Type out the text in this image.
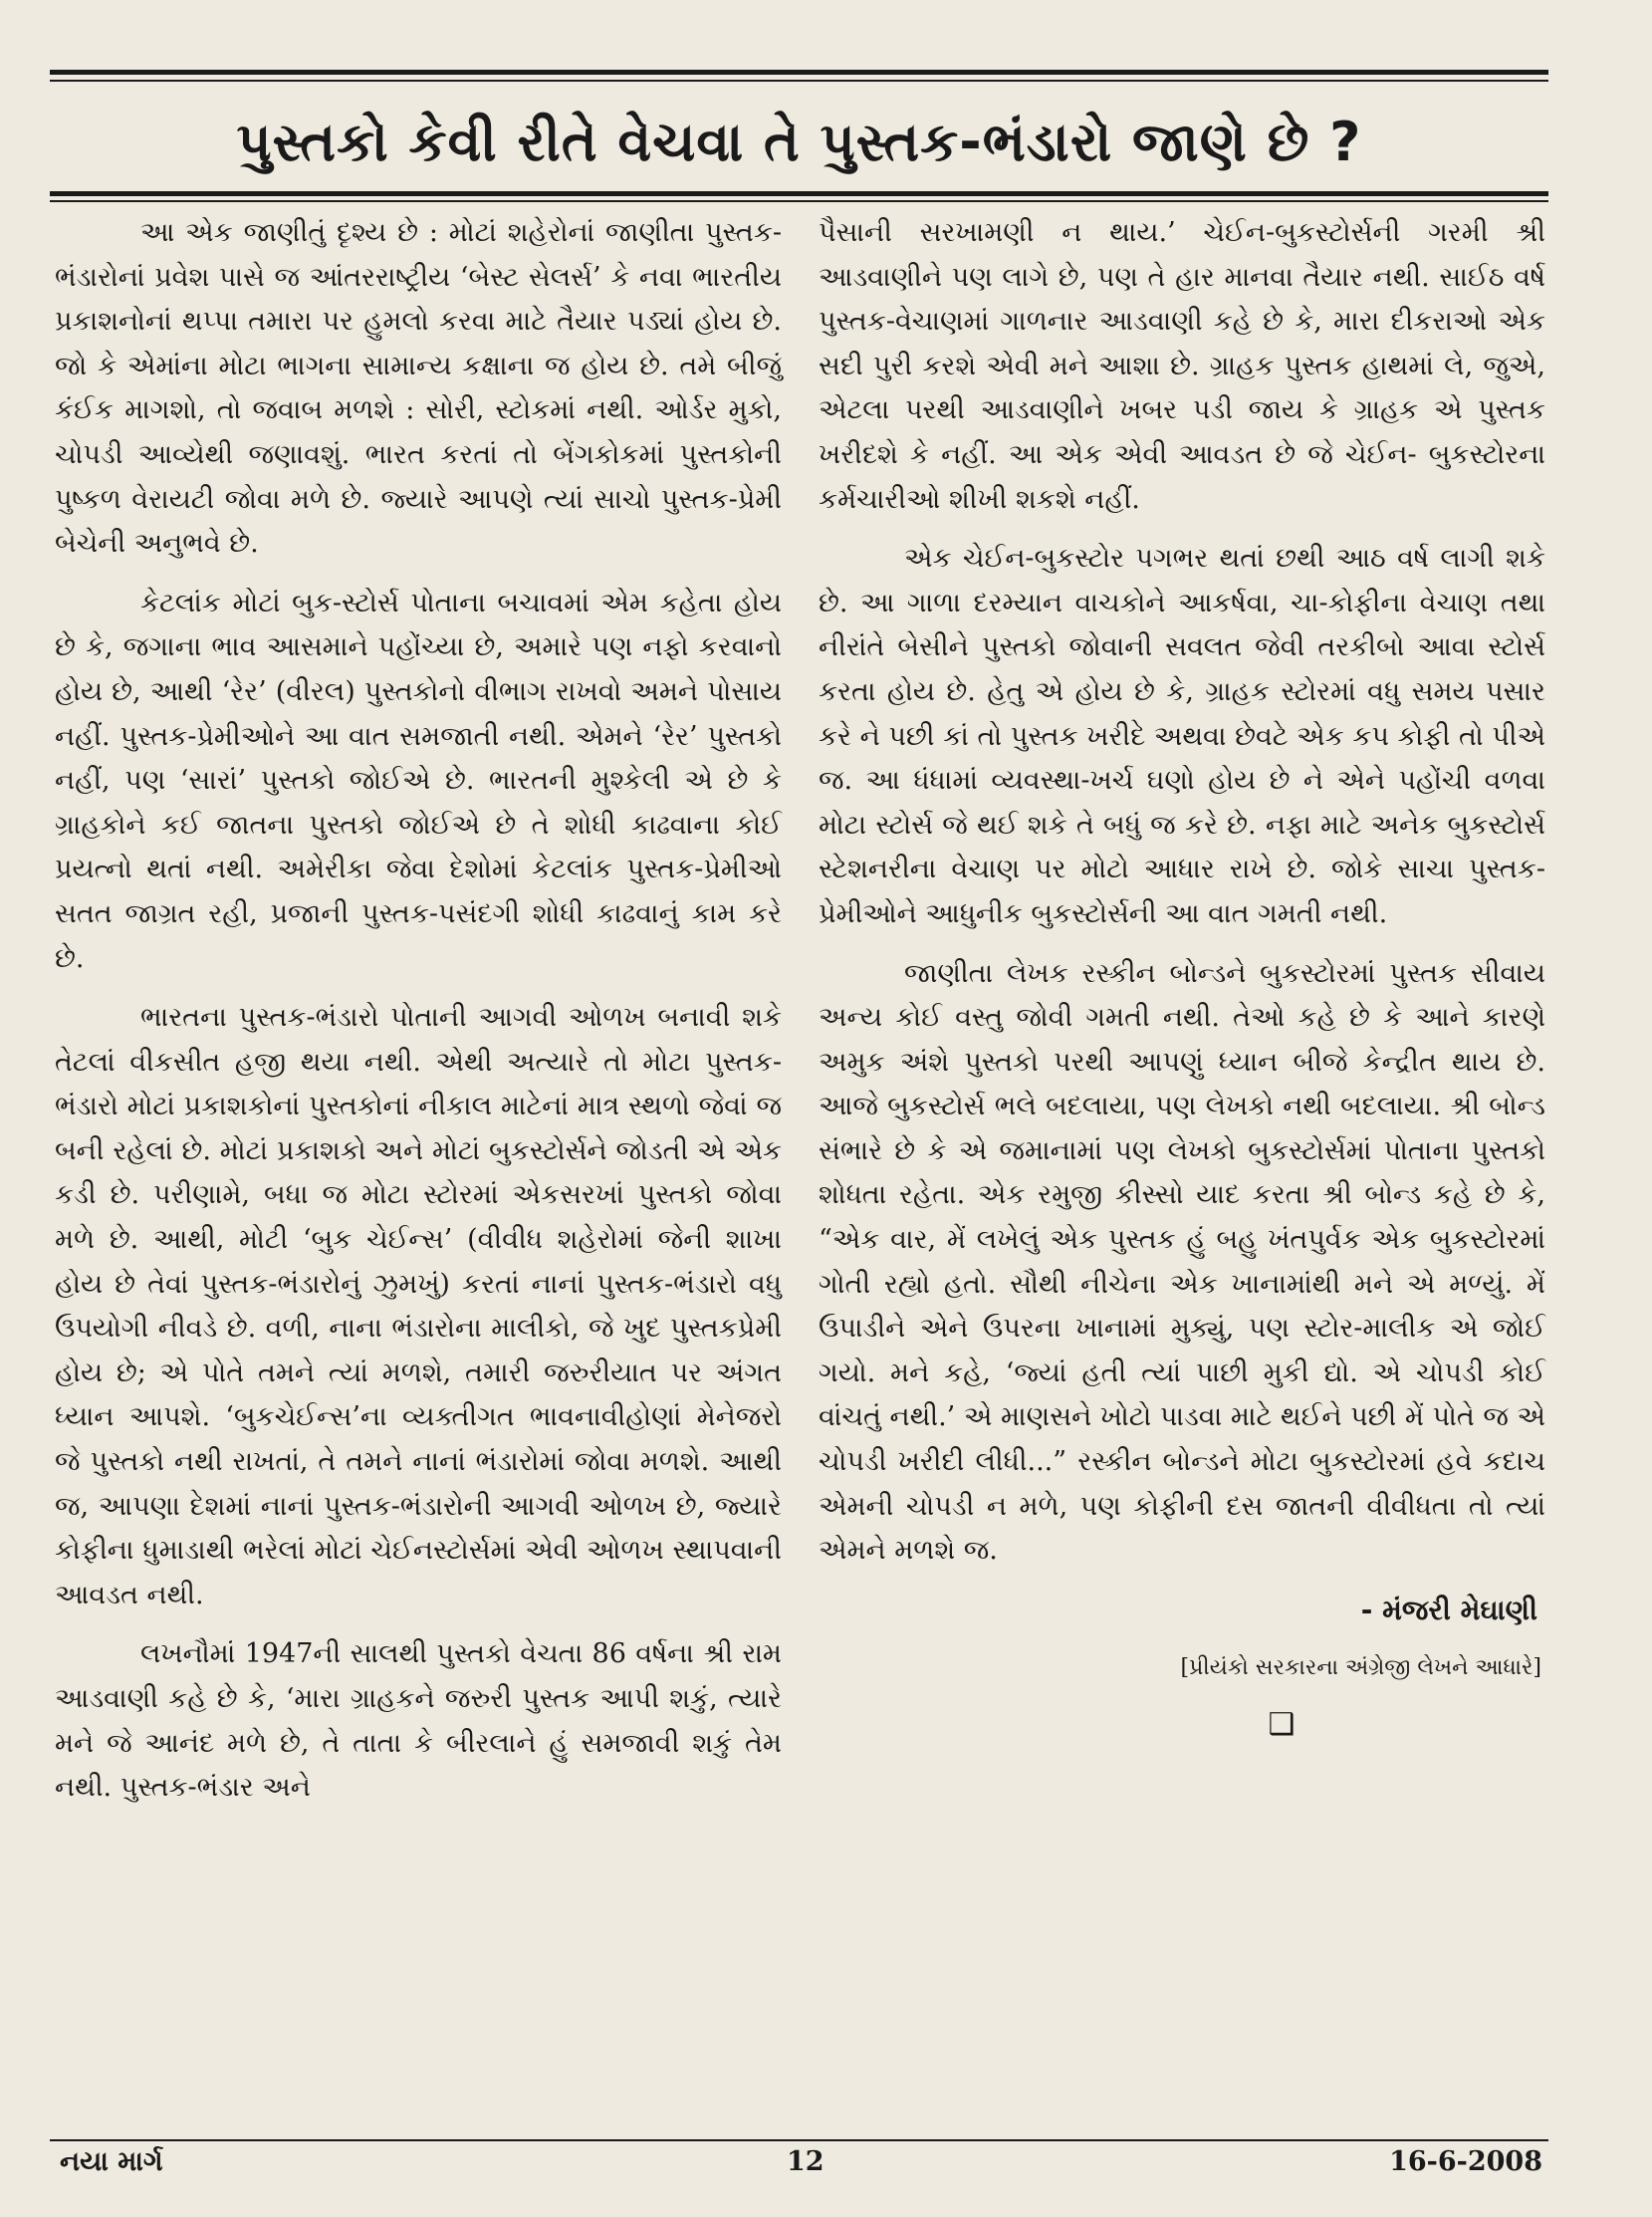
પુસ્તકો કેવી રીતે વેચવા તે પુસ્તક-ભંડારો જાણે છે ?

આ એક જાણીતું દૃશ્ય છે : મોટાં શહેરોનાં જાણીતા પુસ્તક-ભંડારોનાં પ્રવેશ પાસે જ આંતરરાષ્ટ્રીય ‘બેસ્ટ સેલર્સ’ કે નવા ભારતીય પ્રકાશનોનાં થપ્પા તમારા પર હુમલો કરવા માટે તૈયાર પડ્યાં હોય છે. જો કે એમાંના મોટા ભાગના સામાન્ય કક્ષાના જ હોય છે. તમે બીજું કંઈક માગશો, તો જવાબ મળશે : સોરી, સ્ટોકમાં નથી. ઓર્ડર મુકો, ચોપડી આવ્યેથી જણાવશું. ભારત કરતાં તો બેંગકોકમાં પુસ્તકોની પુષ્કળ વેરાયટી જોવા મળે છે. જ્યારે આપણે ત્યાં સાચો પુસ્તક-પ્રેમી બેચેની અનુભવે છે.

કેટલાંક મોટાં બુક-સ્ટોર્સ પોતાના બચાવમાં એમ કહેતા હોય છે કે, જગાના ભાવ આસમાને પહોંચ્યા છે, અમારે પણ નફો કરવાનો હોય છે, આથી ‘રેર’ (વીરલ) પુસ્તકોનો વીભાગ રાખવો અમને પોસાય નહીં. પુસ્તક-પ્રેમીઓને આ વાત સમજાતી નથી. એમને ‘રેર’ પુસ્તકો નહીં, પણ ‘સારાં’ પુસ્તકો જોઈએ છે. ભારતની મુશ્કેલી એ છે કે ગ્રાહકોને કઈ જાતના પુસ્તકો જોઈએ છે તે શોધી કાઢવાના કોઈ પ્રયત્નો થતાં નથી. અમેરીકા જેવા દેશોમાં કેટલાંક પુસ્તક-પ્રેમીઓ સતત જાગ્રત રહી, પ્રજાની પુસ્તક-પસંદગી શોધી કાઢવાનું કામ કરે છે.

ભારતના પુસ્તક-ભંડારો પોતાની આગવી ઓળખ બનાવી શકે તેટલાં વીકસીત હજી થયા નથી. એથી અત્યારે તો મોટા પુસ્તક-ભંડારો મોટાં પ્રકાશકોનાં પુસ્તકોનાં નીકાલ માટેનાં માત્ર સ્થળો જેવાં જ બની રહેલાં છે. મોટાં પ્રકાશકો અને મોટાં બુકસ્ટોર્સને જોડતી એ એક કડી છે. પરીણામે, બધા જ મોટા સ્ટોરમાં એકસરખાં પુસ્તકો જોવા મળે છે. આથી, મોટી ‘બુક ચેઈન્સ’ (વીવીધ શહેરોમાં જેની શાખા હોય છે તેવાં પુસ્તક-ભંડારોનું ઝુમખું) કરતાં નાનાં પુસ્તક-ભંડારો વધુ ઉપયોગી નીવડે છે. વળી, નાના ભંડારોના માલીકો, જે ખુદ પુસ્તકપ્રેમી હોય છે; એ પોતે તમને ત્યાં મળશે, તમારી જરુરીયાત પર અંગત ધ્યાન આપશે. ‘બુકચેઈન્સ’ના વ્યક્તીગત ભાવનાવીહોણાં મેનેજરો જે પુસ્તકો નથી રાખતાં, તે તમને નાનાં ભંડારોમાં જોવા મળશે. આથી જ, આપણા દેશમાં નાનાં પુસ્તક-ભંડારોની આગવી ઓળખ છે, જ્યારે કોફીના ધુમાડાથી ભરેલાં મોટાં ચેઈનસ્ટોર્સમાં એવી ઓળખ સ્થાપવાની આવડત નથી.

લખનૌમાં 1947ની સાલથી પુસ્તકો વેચતા 86 વર્ષના શ્રી રામ આડવાણી કહે છે કે, ‘મારા ગ્રાહકને જરુરી પુસ્તક આપી શકું, ત્યારે મને જે આનંદ મળે છે, તે તાતા કે બીરલાને હું સમજાવી શકું તેમ નથી. પુસ્તક-ભંડાર અને

પૈસાની સરખામણી ન થાય.’ ચેઈન-બુકસ્ટોર્સની ગરમી શ્રી આડવાણીને પણ લાગે છે, પણ તે હાર માનવા તૈયાર નથી. સાઈઠ વર્ષ પુસ્તક-વેચાણમાં ગાળનાર આડવાણી કહે છે કે, મારા દીકરાઓ એક સદી પુરી કરશે એવી મને આશા છે. ગ્રાહક પુસ્તક હાથમાં લે, જુએ, એટલા પરથી આડવાણીને ખબર પડી જાય કે ગ્રાહક એ પુસ્તક ખરીદશે કે નહીં. આ એક એવી આવડત છે જે ચેઈન- બુકસ્ટોરના કર્મચારીઓ શીખી શકશે નહીં.

એક ચેઈન-બુકસ્ટોર પગભર થતાં છથી આઠ વર્ષ લાગી શકે છે. આ ગાળા દરમ્યાન વાચકોને આકર્ષવા, ચા-કોફીના વેચાણ તથા નીરાંતે બેસીને પુસ્તકો જોવાની સવલત જેવી તરકીબો આવા સ્ટોર્સ કરતા હોય છે. હેતુ એ હોય છે કે, ગ્રાહક સ્ટોરમાં વધુ સમય પસાર કરે ને પછી કાં તો પુસ્તક ખરીદે અથવા છેવટે એક કપ કોફી તો પીએ જ. આ ધંધામાં વ્યવસ્થા-ખર્ચ ઘણો હોય છે ને એને પહોંચી વળવા મોટા સ્ટોર્સ જે થઈ શકે તે બધું જ કરે છે. નફા માટે અનેક બુકસ્ટોર્સ સ્ટેશનરીના વેચાણ પર મોટો આધાર રાખે છે. જોકે સાચા પુસ્તક-પ્રેમીઓને આધુનીક બુકસ્ટોર્સની આ વાત ગમતી નથી.

જાણીતા લેખક રસ્કીન બોન્ડને બુકસ્ટોરમાં પુસ્તક સીવાય અન્ય કોઈ વસ્તુ જોવી ગમતી નથી. તેઓ કહે છે કે આને કારણે અમુક અંશે પુસ્તકો પરથી આપણું ધ્યાન બીજે કેન્દ્રીત થાય છે. આજે બુકસ્ટોર્સ ભલે બદલાયા, પણ લેખકો નથી બદલાયા. શ્રી બોન્ડ સંભારે છે કે એ જમાનામાં પણ લેખકો બુકસ્ટોર્સમાં પોતાના પુસ્તકો શોધતા રહેતા. એક રમુજી કીસ્સો યાદ કરતા શ્રી બોન્ડ કહે છે કે, “એક વાર, મેં લખેલું એક પુસ્તક હું બહુ ખંતપુર્વક એક બુકસ્ટોરમાં ગોતી રહ્યો હતો. સૌથી નીચેના એક ખાનામાંથી મને એ મળ્યું. મેં ઉપાડીને એને ઉપરના ખાનામાં મુક્યું, પણ સ્ટોર-માલીક એ જોઈ ગયો. મને કહે, ‘જ્યાં હતી ત્યાં પાછી મુકી દ્યો. એ ચોપડી કોઈ વાંચતું નથી.’ એ માણસને ખોટો પાડવા માટે થઈને પછી મેં પોતે જ એ ચોપડી ખરીદી લીધી...” રસ્કીન બોન્ડને મોટા બુકસ્ટોરમાં હવે કદાચ એમની ચોપડી ન મળે, પણ કોફીની દસ જાતની વીવીધતા તો ત્યાં એમને મળશે જ.

- મંજરી મેઘાણી
[પ્રીયંકો સરકારના અંગ્રેજી લેખને આધારે]
❑
નયા માર્ગ	12	16-6-2008
